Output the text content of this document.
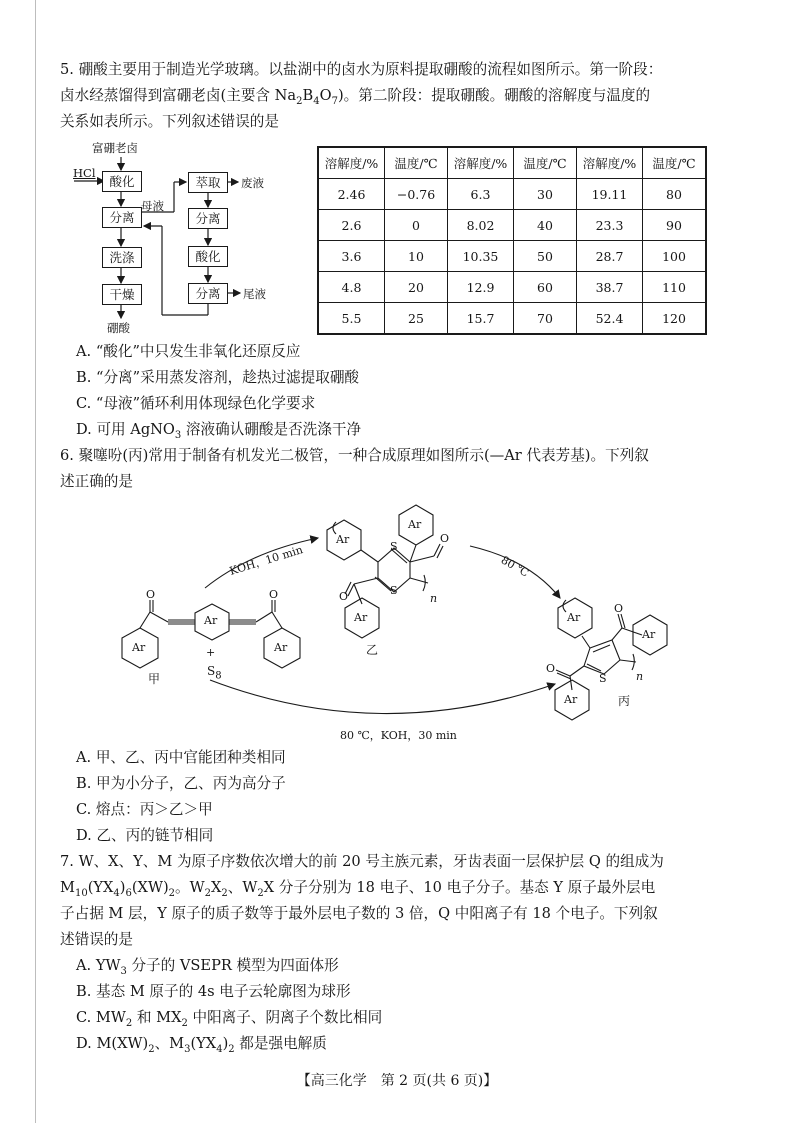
5. 硼酸主要用于制造光学玻璃。以盐湖中的卤水为原料提取硼酸的流程如图所示。第一阶段：
卤水经蒸馏得到富硼老卤(主要含 $Na_2B_4O_7$)。第二阶段：提取硼酸。硼酸的溶解度与温度的
关系如表所示。下列叙述错误的是
富硼老卤
HCl
酸化
分离
洗涤
干燥
硼酸
母液
萃取	废液
分离
酸化
分离	尾液
溶解度/%	温度/℃	溶解度/%	温度/℃	溶解度/%	温度/℃
2.46	−0.76	6.3	30	19.11	80
2.6	0	8.02	40	23.3	90
3.6	10	10.35	50	28.7	100
4.8	20	12.9	60	38.7	110
5.5	25	15.7	70	52.4	120
A. “酸化”中只发生非氧化还原反应
B. “分离”采用蒸发溶剂，趁热过滤提取硼酸
C. “母液”循环利用体现绿色化学要求
D. 可用 AgNO$_3$ 溶液确认硼酸是否洗涤干净
6. 聚噻吩(丙)常用于制备有机发光二极管，一种合成原理如图所示(—Ar 代表芳基)。下列叙
述正确的是
Ar
Ar
Ar
Ar
Ar
Ar	Ar
Ar
Ar
O	O
O
O
O
O
S
S
S
n
n
+
$S_8$
甲
乙
丙
KOH，10 min	80 ℃
80 ℃，KOH，30 min
A. 甲、乙、丙中官能团种类相同
B. 甲为小分子，乙、丙为高分子
C. 熔点：丙＞乙＞甲
D. 乙、丙的链节相同
7. W、X、Y、M 为原子序数依次增大的前 20 号主族元素，牙齿表面一层保护层 Q 的组成为
$M_{10}(YX_4)_6(XW)_2$。$W_2X_2$、$W_2X$ 分子分别为 18 电子、10 电子分子。基态 Y 原子最外层电
子占据 M 层，Y 原子的质子数等于最外层电子数的 3 倍，Q 中阳离子有 18 个电子。下列叙
述错误的是
A. $YW_3$ 分子的 VSEPR 模型为四面体形
B. 基态 M 原子的 4s 电子云轮廓图为球形
C. $MW_2$ 和 $MX_2$ 中阳离子、阴离子个数比相同
D. $M(XW)_2$、$M_3(YX_4)_2$ 都是强电解质
【高三化学　第 2 页(共 6 页)】
